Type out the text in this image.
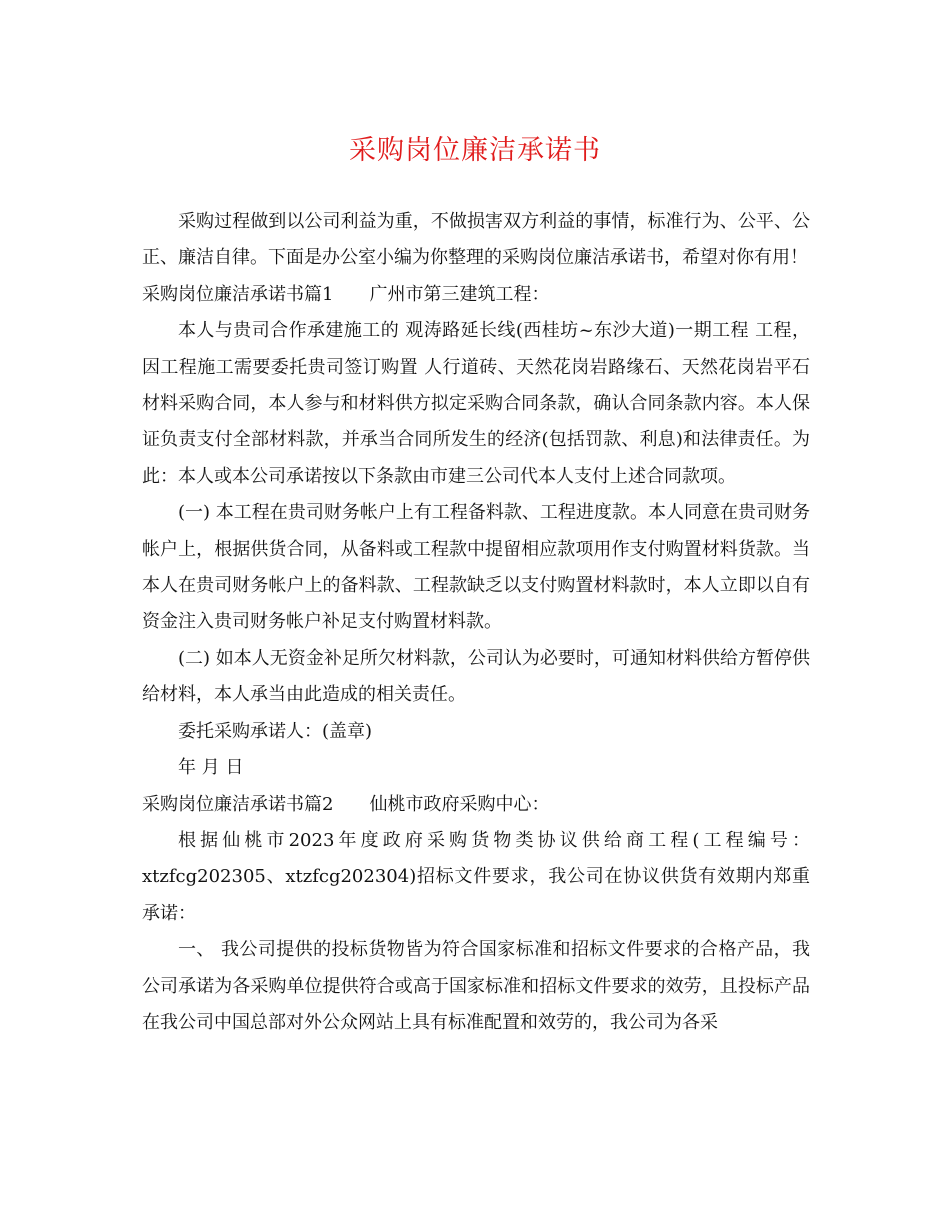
采购岗位廉洁承诺书

采购过程做到以公司利益为重，不做损害双方利益的事情，标准行为、公平、公正、廉洁自律。下面是办公室小编为你整理的采购岗位廉洁承诺书，希望对你有用！

采购岗位廉洁承诺书篇1 广州市第三建筑工程：

本人与贵司合作承建施工的 观涛路延长线(西桂坊~东沙大道)一期工程 工程，因工程施工需要委托贵司签订购置 人行道砖、天然花岗岩路缘石、天然花岗岩平石 材料采购合同，本人参与和材料供方拟定采购合同条款，确认合同条款内容。本人保证负责支付全部材料款，并承当合同所发生的经济(包括罚款、利息)和法律责任。为此：本人或本公司承诺按以下条款由市建三公司代本人支付上述合同款项。

(一) 本工程在贵司财务帐户上有工程备料款、工程进度款。本人同意在贵司财务帐户上，根据供货合同，从备料或工程款中提留相应款项用作支付购置材料货款。当本人在贵司财务帐户上的备料款、工程款缺乏以支付购置材料款时，本人立即以自有资金注入贵司财务帐户补足支付购置材料款。

(二) 如本人无资金补足所欠材料款，公司认为必要时，可通知材料供给方暂停供给材料，本人承当由此造成的相关责任。

委托采购承诺人：(盖章)

年 月 日

采购岗位廉洁承诺书篇2 仙桃市政府采购中心：

根据仙桃市2023年度政府采购货物类协议供给商工程(工程编号：xtzfcg202305、xtzfcg202304)招标文件要求，我公司在协议供货有效期内郑重承诺：

一、 我公司提供的投标货物皆为符合国家标准和招标文件要求的合格产品，我公司承诺为各采购单位提供符合或高于国家标准和招标文件要求的效劳，且投标产品在我公司中国总部对外公众网站上具有标准配置和效劳的，我公司为各采
